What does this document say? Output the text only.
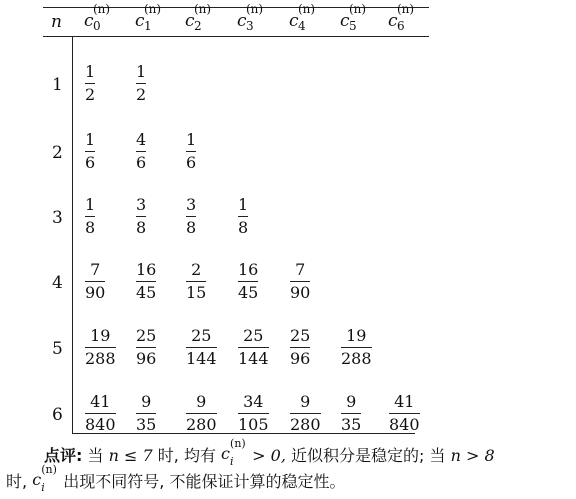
n c
(n)
0 c
(n)
1 c
(n)
2 c
(n)
3 c
(n)
4 c
(n)
5 c
(n)
6
1
2
3
4
5
6
1
2
1
2
1
6
4
6
1
6
1
8
3
8
3
8
1
8
7
90
16
45
2
15
16
45
7
90
19
288
25
96
25
144
25
144
25
96
19
288
41
840
9
35
9
280
34
105
9
280
9
35
41
840
点评: 当 n ≤ 7 时, 均有 c
(n)
i > 0, 近似积分是稳定的; 当 n > 8
时, c
(n)
i 出现不同符号, 不能保证计算的稳定性。
